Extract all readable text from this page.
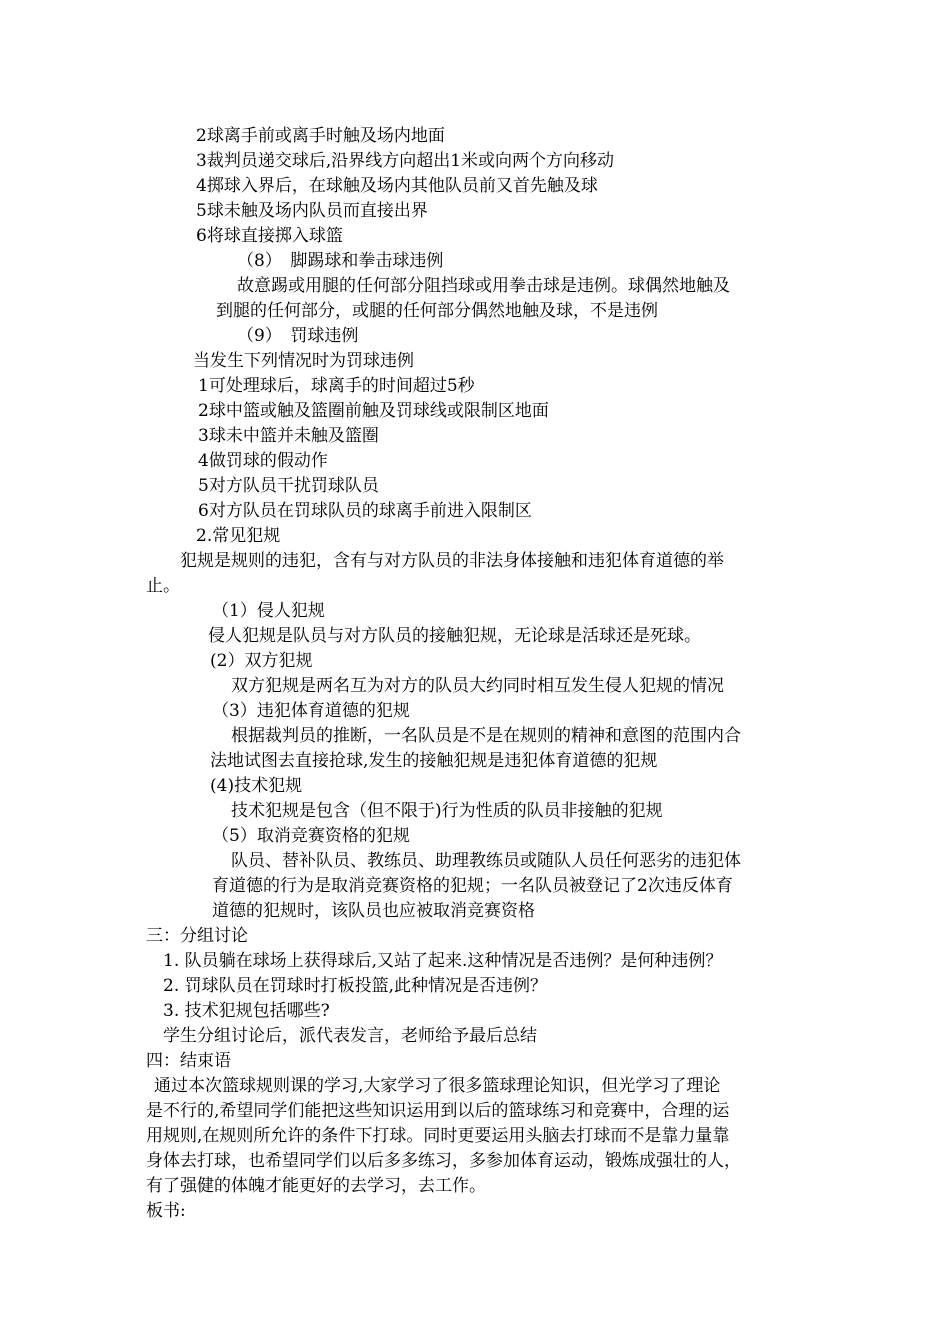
2球离手前或离手时触及场内地面
3裁判员递交球后,沿界线方向超出1米或向两个方向移动
4掷球入界后，在球触及场内其他队员前又首先触及球
5球未触及场内队员而直接出界
6将球直接掷入球篮
（8）　脚踢球和拳击球违例
故意踢或用腿的任何部分阻挡球或用拳击球是违例。球偶然地触及
到腿的任何部分，或腿的任何部分偶然地触及球，不是违例
（9）　罚球违例
当发生下列情况时为罚球违例
1可处理球后，球离手的时间超过5秒
2球中篮或触及篮圈前触及罚球线或限制区地面
3球未中篮并未触及篮圈
4做罚球的假动作
5对方队员干扰罚球队员
6对方队员在罚球队员的球离手前进入限制区
2.常见犯规
犯规是规则的违犯，含有与对方队员的非法身体接触和违犯体育道德的举
止。
（1）侵人犯规
侵人犯规是队员与对方队员的接触犯规，无论球是活球还是死球。
(2）双方犯规
双方犯规是两名互为对方的队员大约同时相互发生侵人犯规的情况
（3）违犯体育道德的犯规
根据裁判员的推断，一名队员是不是在规则的精神和意图的范围内合
法地试图去直接抢球,发生的接触犯规是违犯体育道德的犯规
(4)技术犯规
技术犯规是包含（但不限于)行为性质的队员非接触的犯规
（5）取消竞赛资格的犯规
队员、替补队员、教练员、助理教练员或随队人员任何恶劣的违犯体
育道德的行为是取消竞赛资格的犯规；一名队员被登记了2次违反体育
道德的犯规时，该队员也应被取消竞赛资格
三：分组讨论
1. 队员躺在球场上获得球后,又站了起来.这种情况是否违例？是何种违例？
2. 罚球队员在罚球时打板投篮,此种情况是否违例？
3. 技术犯规包括哪些?
学生分组讨论后，派代表发言，老师给予最后总结
四：结束语
通过本次篮球规则课的学习,大家学习了很多篮球理论知识，但光学习了理论
是不行的,希望同学们能把这些知识运用到以后的篮球练习和竞赛中，合理的运
用规则,在规则所允许的条件下打球。同时更要运用头脑去打球而不是靠力量靠
身体去打球，也希望同学们以后多多练习，多参加体育运动，锻炼成强壮的人，
有了强健的体魄才能更好的去学习，去工作。
板书:
